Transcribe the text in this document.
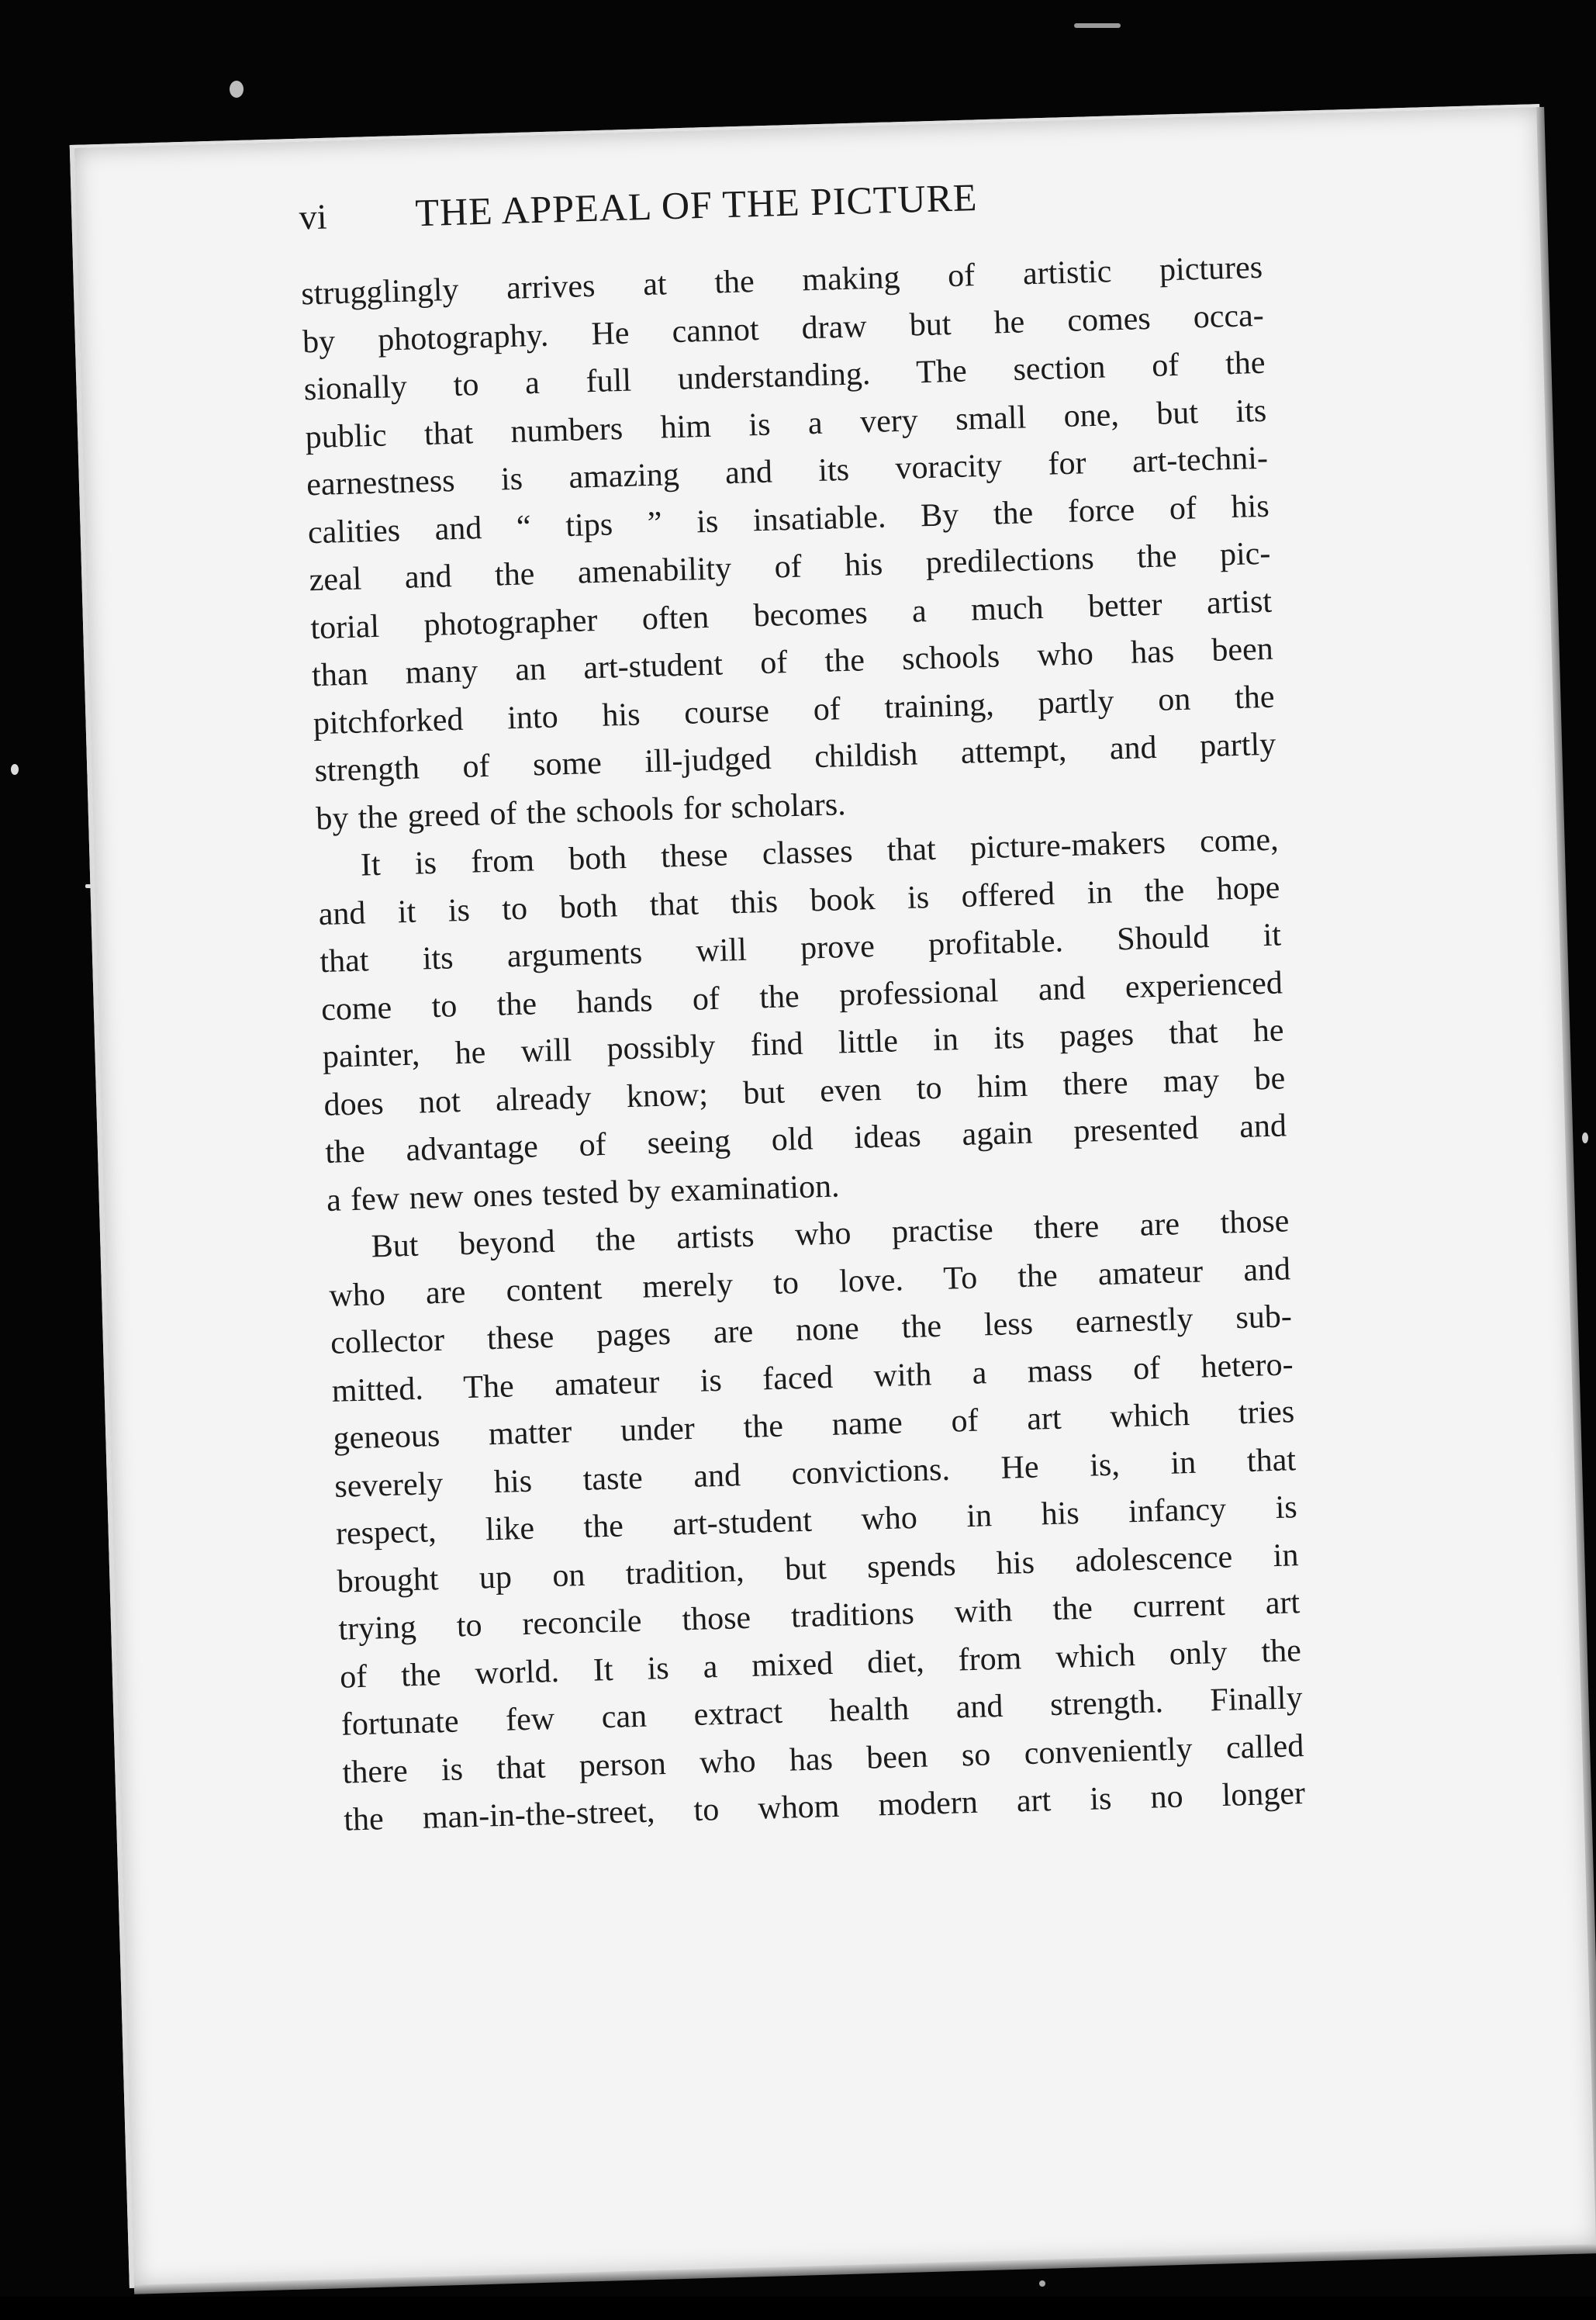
vi THE APPEAL OF THE PICTURE
strugglingly arrives at the making of artistic pictures
by photography. He cannot draw but he comes occa-
sionally to a full understanding. The section of the
public that numbers him is a very small one, but its
earnestness is amazing and its voracity for art-techni-
calities and “ tips ” is insatiable. By the force of his
zeal and the amenability of his predilections the pic-
torial photographer often becomes a much better artist
than many an art-student of the schools who has been
pitchforked into his course of training, partly on the
strength of some ill-judged childish attempt, and partly
by the greed of the schools for scholars.
It is from both these classes that picture-makers come,
and it is to both that this book is offered in the hope
that its arguments will prove profitable. Should it
come to the hands of the professional and experienced
painter, he will possibly find little in its pages that he
does not already know; but even to him there may be
the advantage of seeing old ideas again presented and
a few new ones tested by examination.
But beyond the artists who practise there are those
who are content merely to love. To the amateur and
collector these pages are none the less earnestly sub-
mitted. The amateur is faced with a mass of hetero-
geneous matter under the name of art which tries
severely his taste and convictions. He is, in that
respect, like the art-student who in his infancy is
brought up on tradition, but spends his adolescence in
trying to reconcile those traditions with the current art
of the world. It is a mixed diet, from which only the
fortunate few can extract health and strength. Finally
there is that person who has been so conveniently called
the man-in-the-street, to whom modern art is no longer
